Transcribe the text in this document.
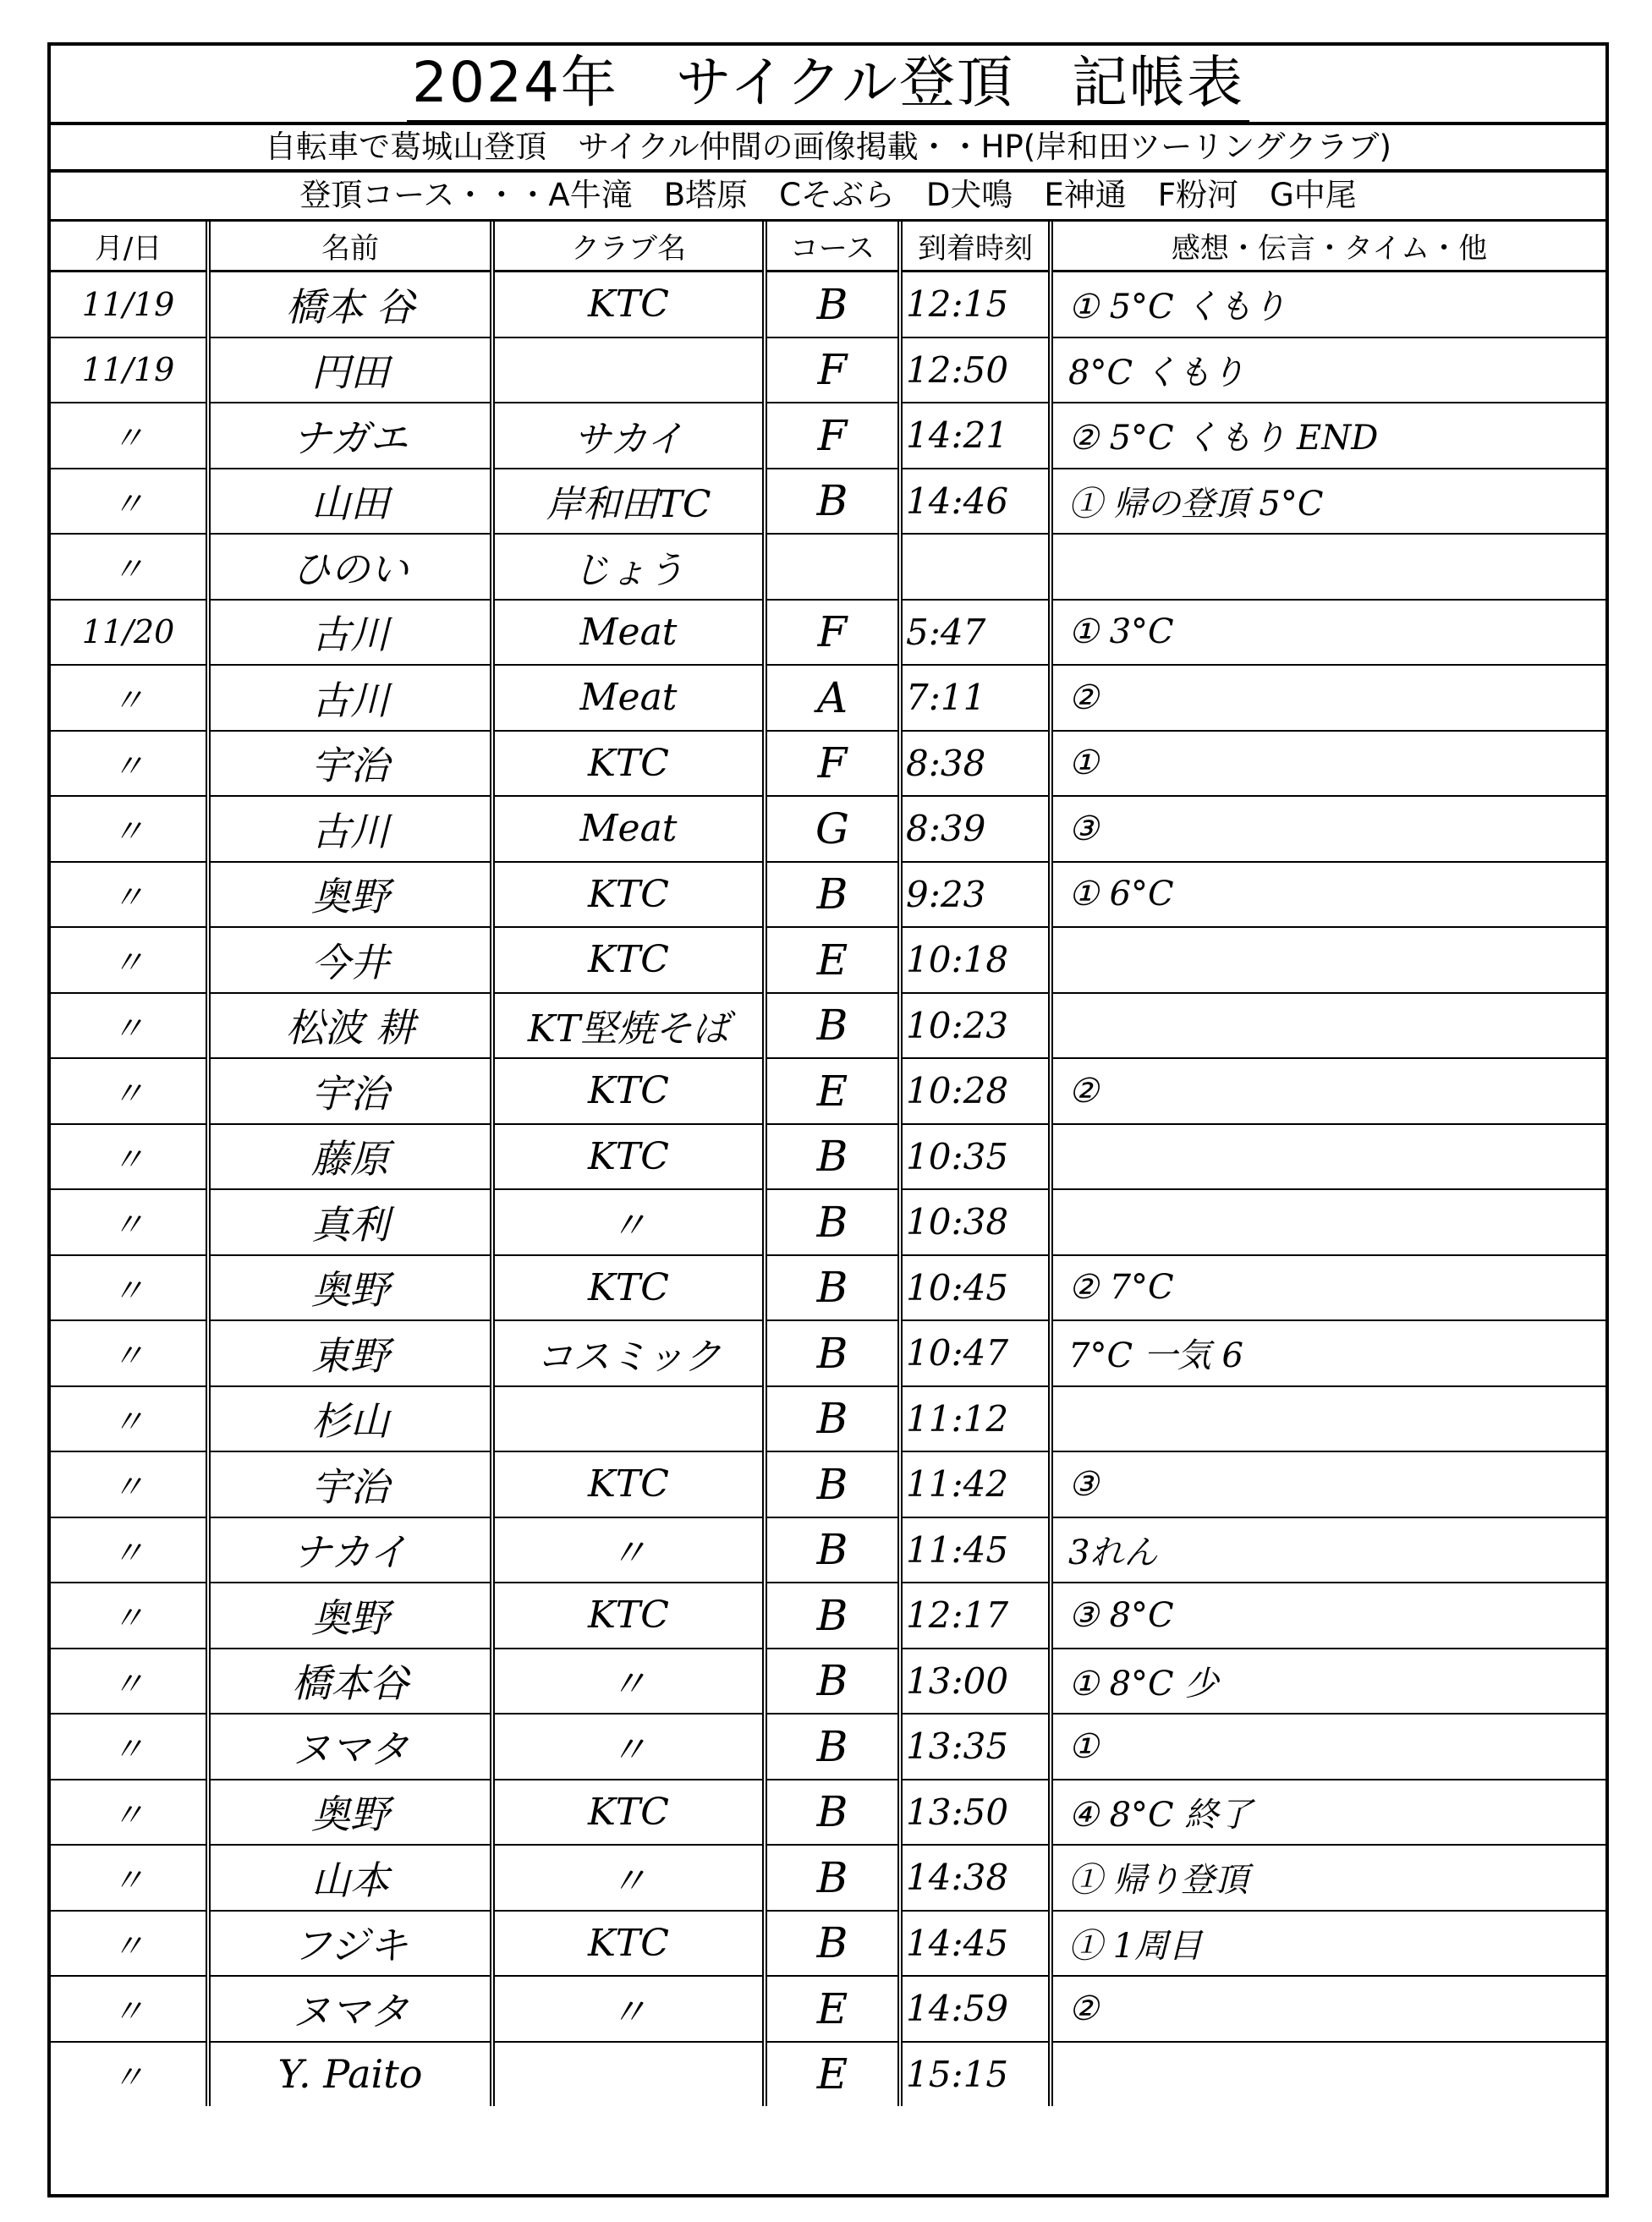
2024年　サイクル登頂　記帳表
自転車で葛城山登頂　サイクル仲間の画像掲載・・HP(岸和田ツーリングクラブ)
登頂コース・・・A牛滝　B塔原　Cそぶら　D犬鳴　E神通　F粉河　G中尾
月/日	名前	クラブ名	コース	到着時刻	感想・伝言・タイム・他
11/19	橋本 谷	KTC	B	12:15	① 5°C くもり
11/19	円田		F	12:50	8°C くもり
〃	ナガエ	サカイ	F	14:21	② 5°C くもり END
〃	山田	岸和田TC	B	14:46	① 帰の登頂 5°C
〃	ひのい	じょう			
11/20	古川	Meat	F	5:47	① 3°C
〃	古川	Meat	A	7:11	②
〃	宇治	KTC	F	8:38	①
〃	古川	Meat	G	8:39	③
〃	奥野	KTC	B	9:23	① 6°C
〃	今井	KTC	E	10:18	
〃	松波 耕	KT堅焼そば	B	10:23	
〃	宇治	KTC	E	10:28	②
〃	藤原	KTC	B	10:35	
〃	真利	〃	B	10:38	
〃	奥野	KTC	B	10:45	② 7°C
〃	東野	コスミック	B	10:47	7°C 一気 6
〃	杉山		B	11:12	
〃	宇治	KTC	B	11:42	③
〃	ナカイ	〃	B	11:45	3れん
〃	奥野	KTC	B	12:17	③ 8°C
〃	橋本谷	〃	B	13:00	① 8°C 少
〃	ヌマタ	〃	B	13:35	①
〃	奥野	KTC	B	13:50	④ 8°C 終了
〃	山本	〃	B	14:38	① 帰り登頂
〃	フジキ	KTC	B	14:45	① 1周目
〃	ヌマタ	〃	E	14:59	②
〃	Y. Paito		E	15:15	
